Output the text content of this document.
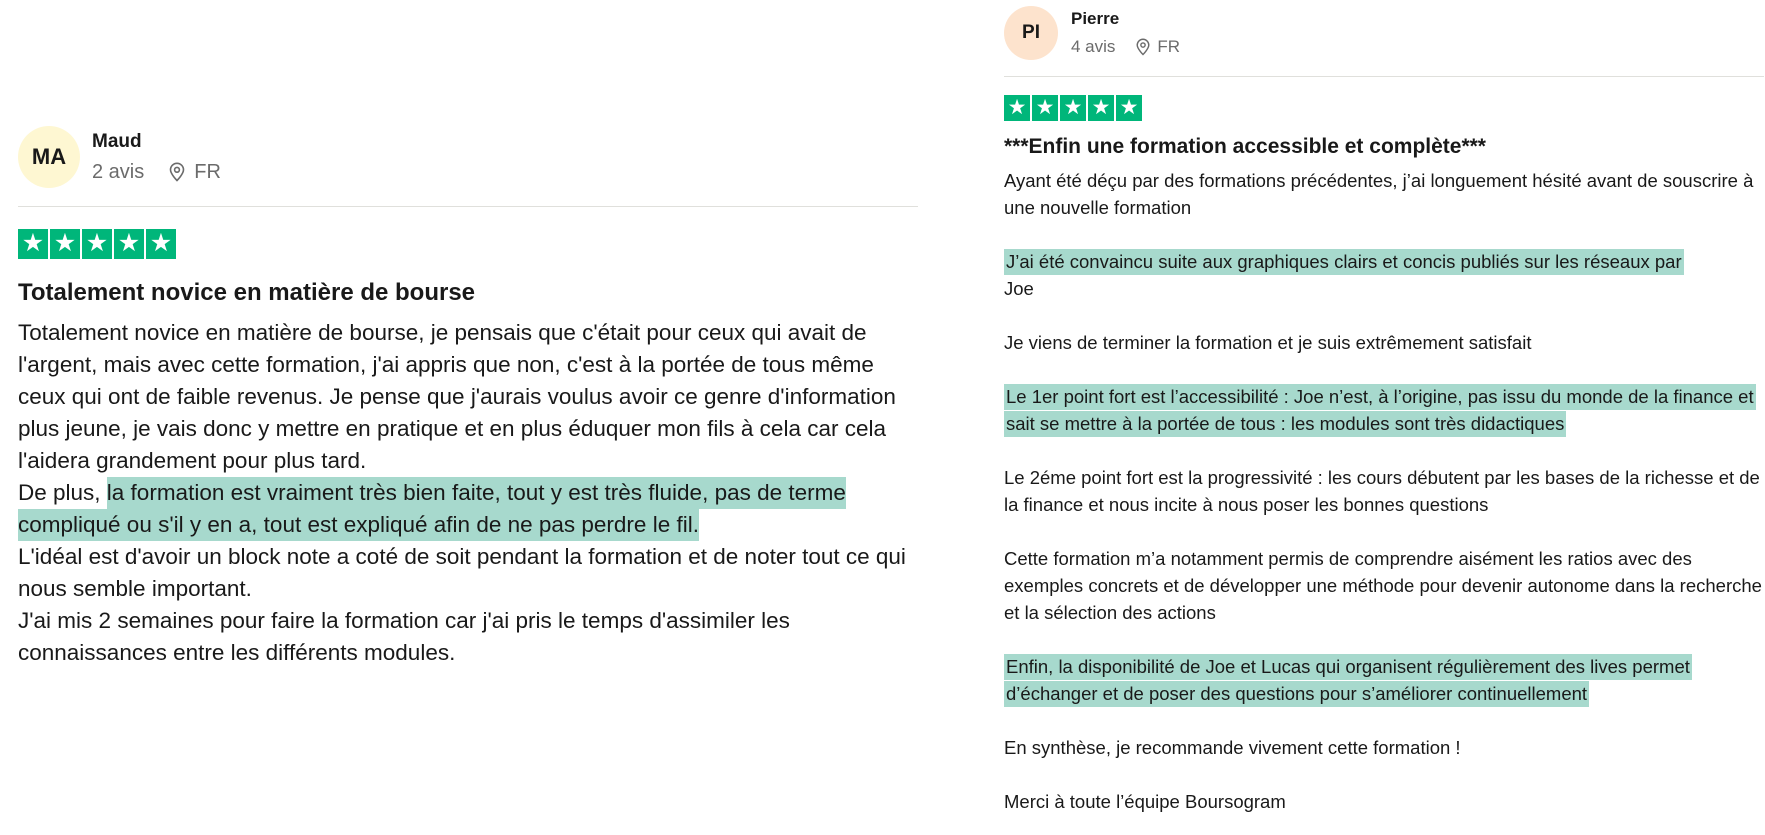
MA
Maud
2 avis	FR
★ ★ ★ ★ ★
Totalement novice en matière de bourse
Totalement novice en matière de bourse, je pensais que c'était pour ceux qui avait de l'argent, mais avec cette formation, j'ai appris que non, c'est à la portée de tous même ceux qui ont de faible revenus. Je pense que j'aurais voulus avoir ce genre d'information plus jeune, je vais donc y mettre en pratique et en plus éduquer mon fils à cela car cela l'aidera grandement pour plus tard.
De plus, la formation est vraiment très bien faite, tout y est très fluide, pas de terme compliqué ou s'il y en a, tout est expliqué afin de ne pas perdre le fil.
L'idéal est d'avoir un block note a coté de soit pendant la formation et de noter tout ce qui nous semble important.
J'ai mis 2 semaines pour faire la formation car j'ai pris le temps d'assimiler les connaissances entre les différents modules.
PI
Pierre
4 avis FR
★ ★ ★ ★ ★
***Enfin une formation accessible et complète***
Ayant été déçu par des formations précédentes, j’ai longuement hésité avant de souscrire à une nouvelle formation
J’ai été convaincu suite aux graphiques clairs et concis publiés sur les réseaux par
Joe
Je viens de terminer la formation et je suis extrêmement satisfait
Le 1er point fort est l’accessibilité : Joe n’est, à l’origine, pas issu du monde de la finance et sait se mettre à la portée de tous : les modules sont très didactiques
Le 2éme point fort est la progressivité : les cours débutent par les bases de la richesse et de la finance et nous incite à nous poser les bonnes questions
Cette formation m’a notamment permis de comprendre aisément les ratios avec des exemples concrets et de développer une méthode pour devenir autonome dans la recherche et la sélection des actions
Enfin, la disponibilité de Joe et Lucas qui organisent régulièrement des lives permet d’échanger et de poser des questions pour s’améliorer continuellement
En synthèse, je recommande vivement cette formation !
Merci à toute l’équipe Boursogram
